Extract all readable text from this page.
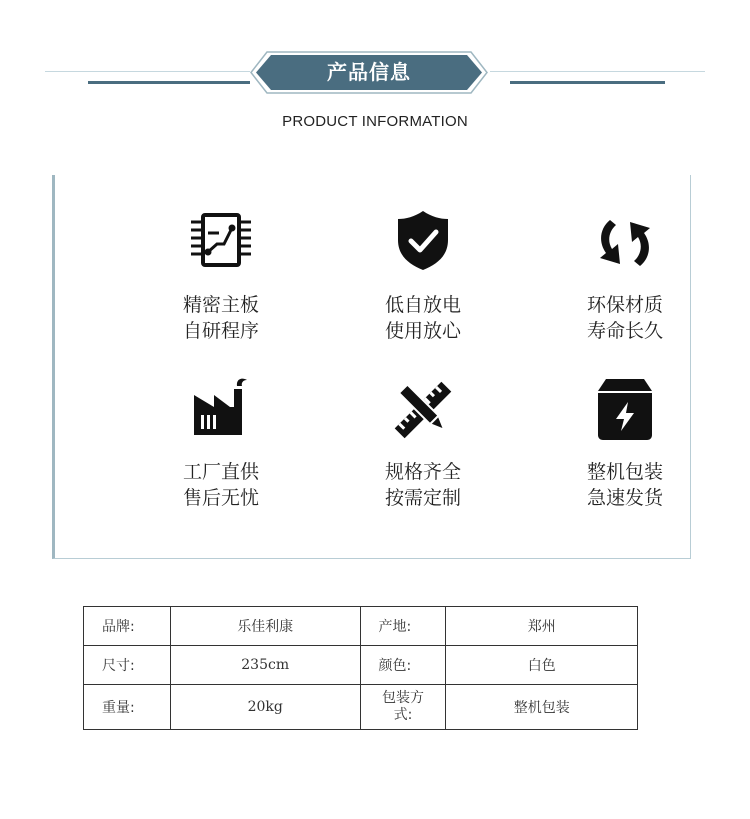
产品信息
PRODUCT INFORMATION
精密主板
自研程序
低自放电
使用放心
环保材质
寿命长久
工厂直供
售后无忧
规格齐全
按需定制
整机包装
急速发货
品牌:	乐佳利康	产地:	郑州
尺寸:	235cm	颜色:	白色
重量:	20kg	包装方式:	整机包装
